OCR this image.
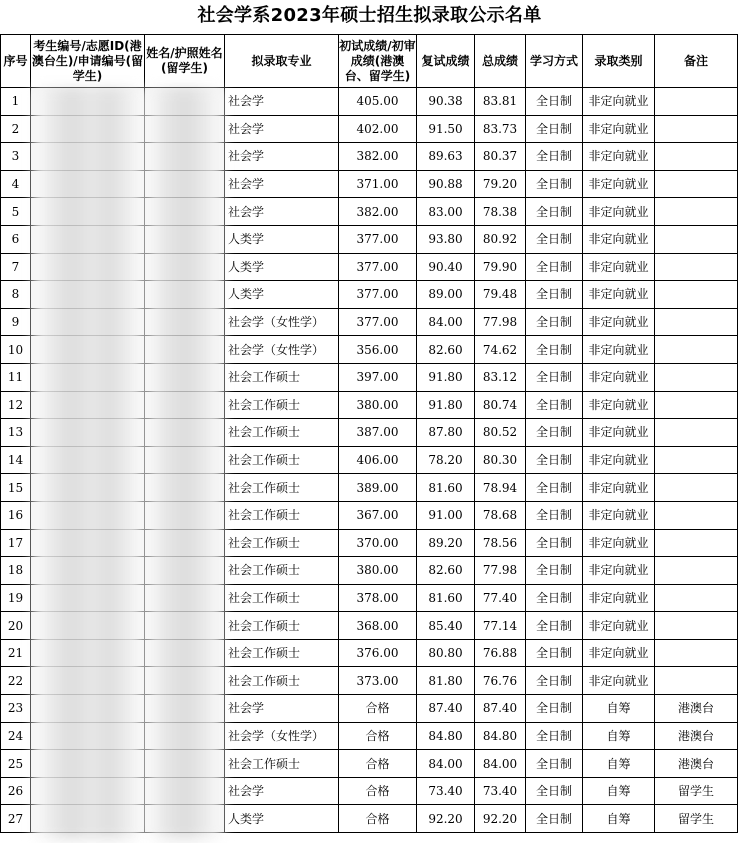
社会学系2023年硕士招生拟录取公示名单
序号	考生编号/志愿ID(港澳台生)/申请编号(留学生)	姓名/护照姓名(留学生)	拟录取专业	初试成绩/初审成绩(港澳台、留学生)	复试成绩	总成绩	学习方式	录取类别	备注
1			社会学	405.00	90.38	83.81	全日制	非定向就业	
2			社会学	402.00	91.50	83.73	全日制	非定向就业	
3			社会学	382.00	89.63	80.37	全日制	非定向就业	
4			社会学	371.00	90.88	79.20	全日制	非定向就业	
5			社会学	382.00	83.00	78.38	全日制	非定向就业	
6			人类学	377.00	93.80	80.92	全日制	非定向就业	
7			人类学	377.00	90.40	79.90	全日制	非定向就业	
8			人类学	377.00	89.00	79.48	全日制	非定向就业	
9			社会学（女性学）	377.00	84.00	77.98	全日制	非定向就业	
10			社会学（女性学）	356.00	82.60	74.62	全日制	非定向就业	
11			社会工作硕士	397.00	91.80	83.12	全日制	非定向就业	
12			社会工作硕士	380.00	91.80	80.74	全日制	非定向就业	
13			社会工作硕士	387.00	87.80	80.52	全日制	非定向就业	
14			社会工作硕士	406.00	78.20	80.30	全日制	非定向就业	
15			社会工作硕士	389.00	81.60	78.94	全日制	非定向就业	
16			社会工作硕士	367.00	91.00	78.68	全日制	非定向就业	
17			社会工作硕士	370.00	89.20	78.56	全日制	非定向就业	
18			社会工作硕士	380.00	82.60	77.98	全日制	非定向就业	
19			社会工作硕士	378.00	81.60	77.40	全日制	非定向就业	
20			社会工作硕士	368.00	85.40	77.14	全日制	非定向就业	
21			社会工作硕士	376.00	80.80	76.88	全日制	非定向就业	
22			社会工作硕士	373.00	81.80	76.76	全日制	非定向就业	
23			社会学	合格	87.40	87.40	全日制	自筹	港澳台
24			社会学（女性学）	合格	84.80	84.80	全日制	自筹	港澳台
25			社会工作硕士	合格	84.00	84.00	全日制	自筹	港澳台
26			社会学	合格	73.40	73.40	全日制	自筹	留学生
27			人类学	合格	92.20	92.20	全日制	自筹	留学生
